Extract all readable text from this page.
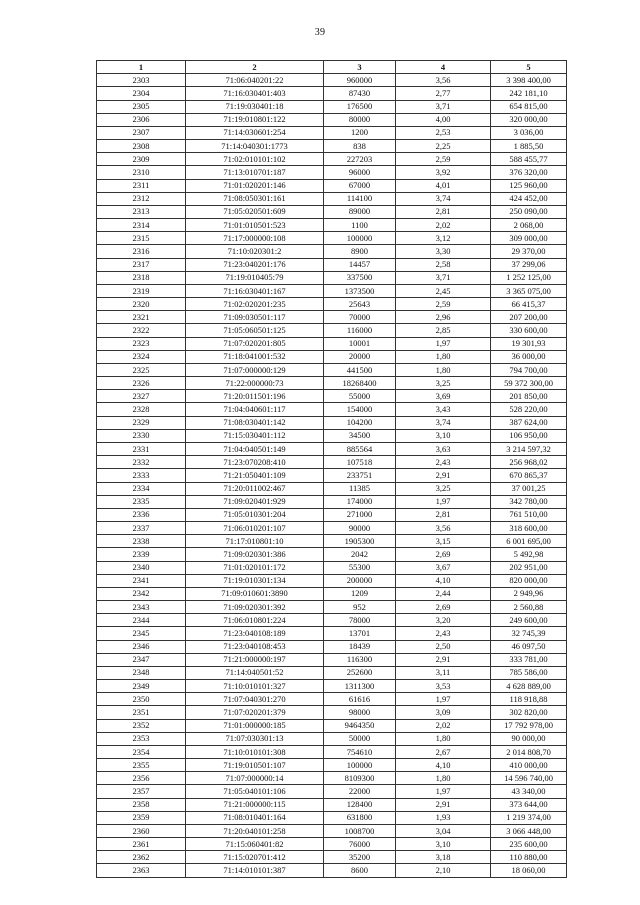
39
1	2	3	4	5
2303	71:06:040201:22	960000	3,56	3 398 400,00
2304	71:16:030401:403	87430	2,77	242 181,10
2305	71:19:030401:18	176500	3,71	654 815,00
2306	71:19:010801:122	80000	4,00	320 000,00
2307	71:14:030601:254	1200	2,53	3 036,00
2308	71:14:040301:1773	838	2,25	1 885,50
2309	71:02:010101:102	227203	2,59	588 455,77
2310	71:13:010701:187	96000	3,92	376 320,00
2311	71:01:020201:146	67000	4,01	125 960,00
2312	71:08:050301:161	114100	3,74	424 452,00
2313	71:05:020501:609	89000	2,81	250 090,00
2314	71:01:010501:523	1100	2,02	2 068,00
2315	71:17:000000:108	100000	3,12	309 000,00
2316	71:10:020301:2	8900	3,30	29 370,00
2317	71:23:040201:176	14457	2,58	37 299,06
2318	71:19:010405:79	337500	3,71	1 252 125,00
2319	71:16:030401:167	1373500	2,45	3 365 075,00
2320	71:02:020201:235	25643	2,59	66 415,37
2321	71:09:030501:117	70000	2,96	207 200,00
2322	71:05:060501:125	116000	2,85	330 600,00
2323	71:07:020201:805	10001	1,97	19 301,93
2324	71:18:041001:532	20000	1,80	36 000,00
2325	71:07:000000:129	441500	1,80	794 700,00
2326	71:22:000000:73	18268400	3,25	59 372 300,00
2327	71:20:011501:196	55000	3,69	201 850,00
2328	71:04:040601:117	154000	3,43	528 220,00
2329	71:08:030401:142	104200	3,74	387 624,00
2330	71:15:030401:112	34500	3,10	106 950,00
2331	71:04:040501:149	885564	3,63	3 214 597,32
2332	71:23:070208:410	107518	2,43	256 968,02
2333	71:21:050401:109	233751	2,91	670 865,37
2334	71:20:011002:467	11385	3,25	37 001,25
2335	71:09:020401:929	174000	1,97	342 780,00
2336	71:05:010301:204	271000	2,81	761 510,00
2337	71:06:010201:107	90000	3,56	318 600,00
2338	71:17:010801:10	1905300	3,15	6 001 695,00
2339	71:09:020301:386	2042	2,69	5 492,98
2340	71:01:020101:172	55300	3,67	202 951,00
2341	71:19:010301:134	200000	4,10	820 000,00
2342	71:09:010601:3890	1209	2,44	2 949,96
2343	71:09:020301:392	952	2,69	2 560,88
2344	71:06:010801:224	78000	3,20	249 600,00
2345	71:23:040108:189	13701	2,43	32 745,39
2346	71:23:040108:453	18439	2,50	46 097,50
2347	71:21:000000:197	116300	2,91	333 781,00
2348	71:14:040501:52	252600	3,11	785 586,00
2349	71:10:010101:327	1311300	3,53	4 628 889,00
2350	71:07:040301:270	61616	1,97	118 918,88
2351	71:07:020201:379	98000	3,09	302 820,00
2352	71:01:000000:185	9464350	2,02	17 792 978,00
2353	71:07:030301:13	50000	1,80	90 000,00
2354	71:10:010101:308	754610	2,67	2 014 808,70
2355	71:19:010501:107	100000	4,10	410 000,00
2356	71:07:000000:14	8109300	1,80	14 596 740,00
2357	71:05:040101:106	22000	1,97	43 340,00
2358	71:21:000000:115	128400	2,91	373 644,00
2359	71:08:010401:164	631800	1,93	1 219 374,00
2360	71:20:040101:258	1008700	3,04	3 066 448,00
2361	71:15:060401:82	76000	3,10	235 600,00
2362	71:15:020701:412	35200	3,18	110 880,00
2363	71:14:010101:387	8600	2,10	18 060,00
